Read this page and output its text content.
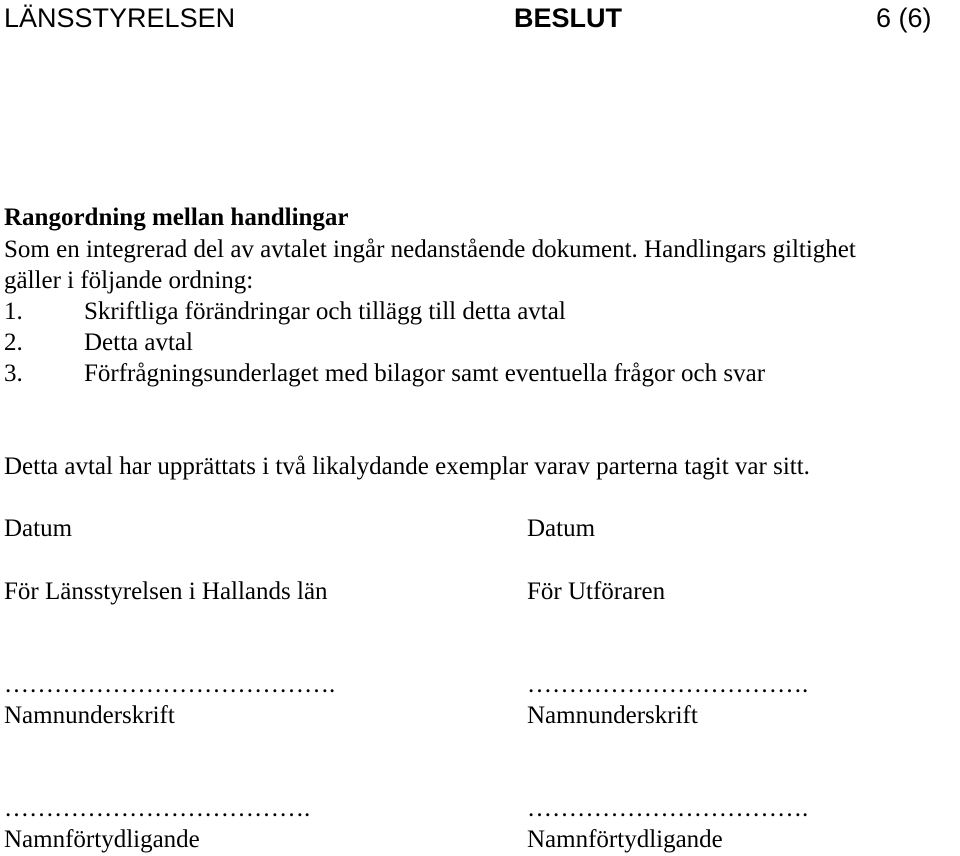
LÄNSSTYRELSEN	BESLUT	6 (6)
Rangordning mellan handlingar
Som en integrerad del av avtalet ingår nedanstående dokument. Handlingars giltighet
gäller i följande ordning:
1. Skriftliga förändringar och tillägg till detta avtal
2. Detta avtal
3. Förfrågningsunderlaget med bilagor samt eventuella frågor och svar
Detta avtal har upprättats i två likalydande exemplar varav parterna tagit var sitt.
Datum
För Länsstyrelsen i Hallands län
………………………………….
Namnunderskrift
……………………………….
Namnförtydligande
Datum
För Utföraren
…………………………….
Namnunderskrift
…………………………….
Namnförtydligande
